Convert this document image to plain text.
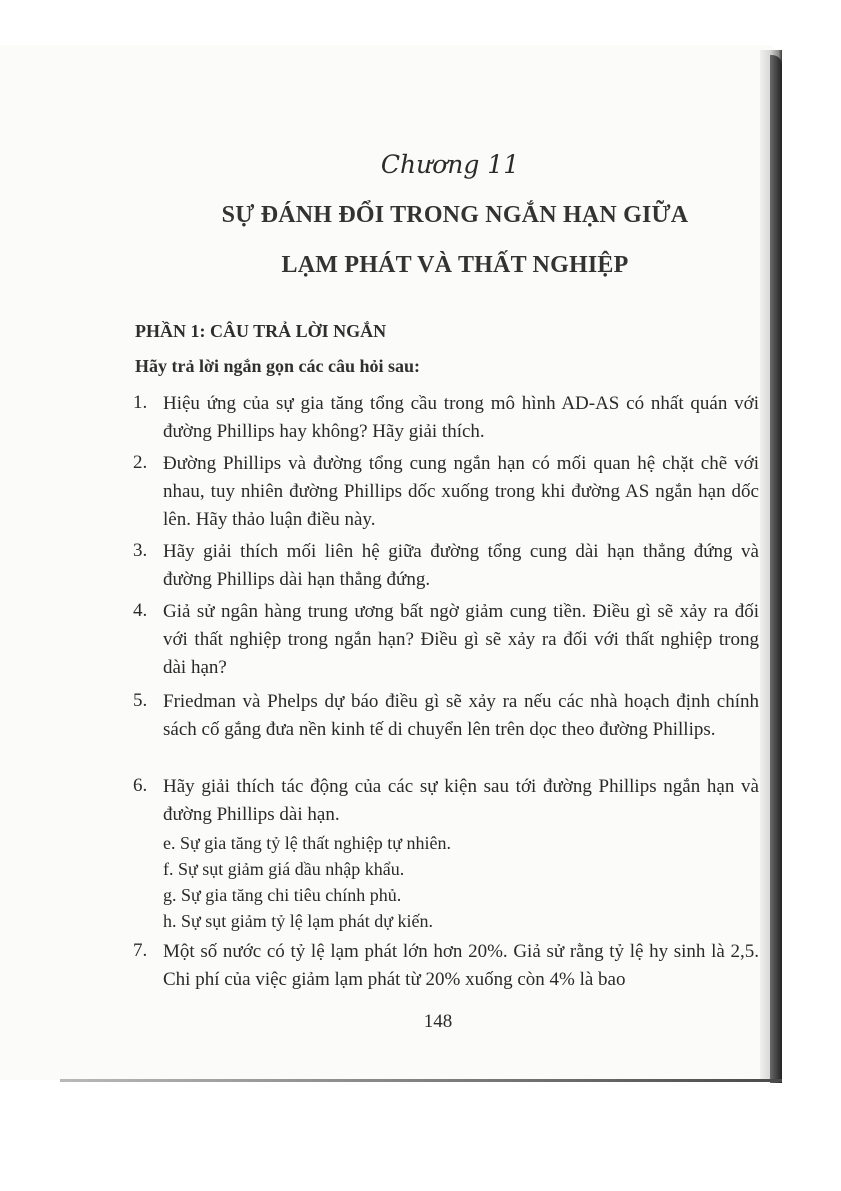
Chương 11
SỰ ĐÁNH ĐỔI TRONG NGẮN HẠN GIỮA
LẠM PHÁT VÀ THẤT NGHIỆP
PHẦN 1: CÂU TRẢ LỜI NGẮN
Hãy trả lời ngắn gọn các câu hỏi sau:
1. Hiệu ứng của sự gia tăng tổng cầu trong mô hình AD-AS có nhất quán với đường Phillips hay không? Hãy giải thích.
2. Đường Phillips và đường tổng cung ngắn hạn có mối quan hệ chặt chẽ với nhau, tuy nhiên đường Phillips dốc xuống trong khi đường AS ngắn hạn dốc lên. Hãy thảo luận điều này.
3. Hãy giải thích mối liên hệ giữa đường tổng cung dài hạn thẳng đứng và đường Phillips dài hạn thẳng đứng.
4. Giả sử ngân hàng trung ương bất ngờ giảm cung tiền. Điều gì sẽ xảy ra đối với thất nghiệp trong ngắn hạn? Điều gì sẽ xảy ra đối với thất nghiệp trong dài hạn?
5. Friedman và Phelps dự báo điều gì sẽ xảy ra nếu các nhà hoạch định chính sách cố gắng đưa nền kinh tế di chuyển lên trên dọc theo đường Phillips.
6. Hãy giải thích tác động của các sự kiện sau tới đường Phillips ngắn hạn và đường Phillips dài hạn.
e. Sự gia tăng tỷ lệ thất nghiệp tự nhiên.
f. Sự sụt giảm giá dầu nhập khẩu.
g. Sự gia tăng chi tiêu chính phủ.
h. Sự sụt giảm tỷ lệ lạm phát dự kiến.
7. Một số nước có tỷ lệ lạm phát lớn hơn 20%. Giả sử rằng tỷ lệ hy sinh là 2,5. Chi phí của việc giảm lạm phát từ 20% xuống còn 4% là bao
148
